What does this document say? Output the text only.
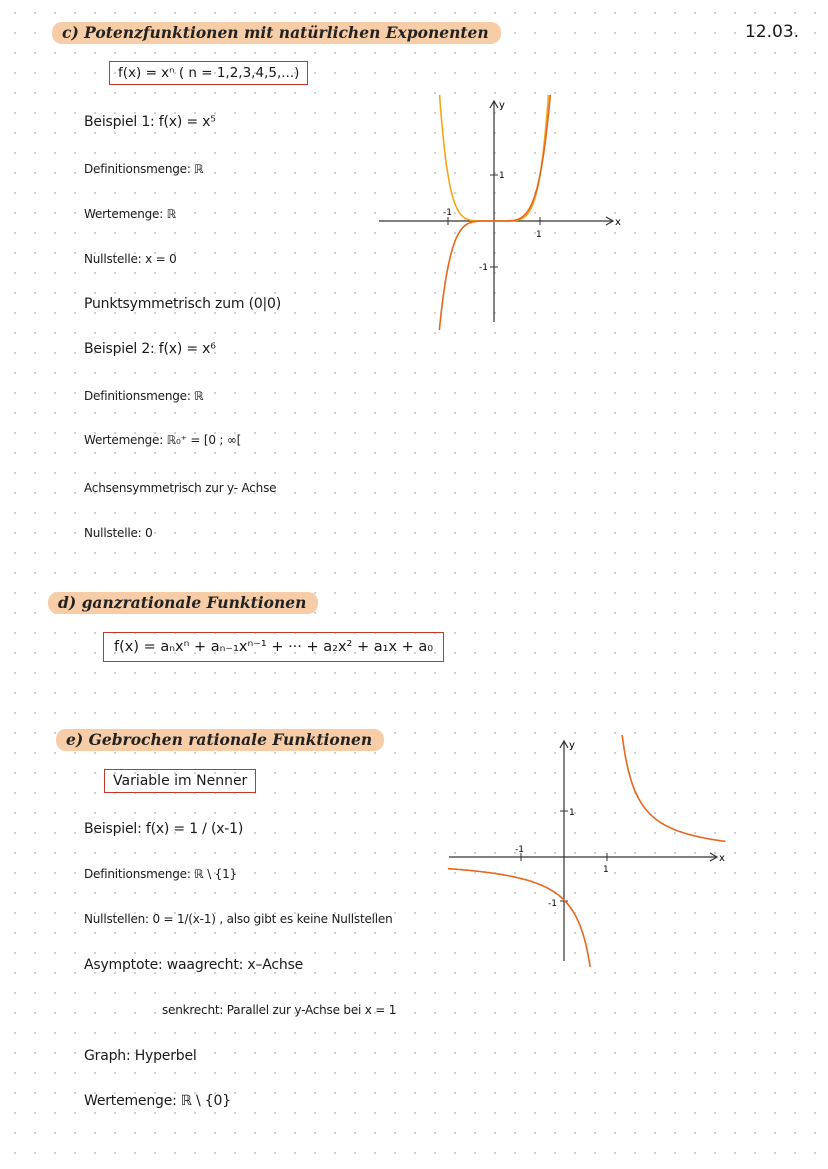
12.03.
c) Potenzfunktionen mit natürlichen Exponenten
f(x) = xⁿ ( n = 1,2,3,4,5,...)
Beispiel 1: f(x) = x⁵
Definitionsmenge: ℝ
Wertemenge: ℝ
Nullstelle: x = 0
Punktsymmetrisch zum (0|0)
Beispiel 2: f(x) = x⁶
Definitionsmenge: ℝ
Wertemenge: ℝ₀⁺ = [0 ; ∞[
Achsensymmetrisch zur y- Achse
Nullstelle: 0
x
y
1
-1
1
-1
d) ganzrationale Funktionen
f(x) = aₙxⁿ + aₙ₋₁xⁿ⁻¹ + ··· + a₂x² + a₁x + a₀
e) Gebrochen rationale Funktionen
Variable im Nenner
Beispiel: f(x) = 1 / (x-1)
Definitionsmenge: ℝ \ {1}
Nullstellen: 0 = 1/(x-1) , also gibt es keine Nullstellen
Asymptote: waagrecht: x–Achse
senkrecht: Parallel zur y-Achse bei x = 1
Graph: Hyperbel
Wertemenge: ℝ \ {0}
x
y
1
-1
1
-1
